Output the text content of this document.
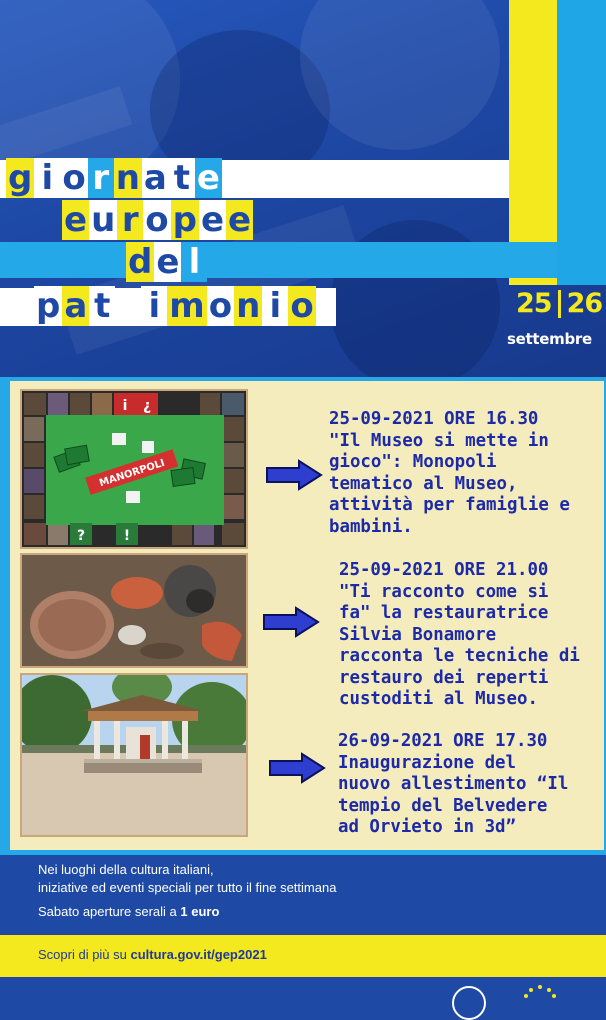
g i o r n a t e
e u r o p e e
d e l
p a t r i m o n i o	25 26
settembre
i ¿
?	!
MANORPOLI
25-09-2021 ORE 16.30
"Il Museo si mette in
gioco": Monopoli
tematico al Museo,
attività per famiglie e
bambini.
25-09-2021 ORE 21.00
"Ti racconto come si
fa" la restauratrice
Silvia Bonamore
racconta le tecniche di
restauro dei reperti
custoditi al Museo.
26-09-2021 ORE 17.30
Inaugurazione del
nuovo allestimento “Il
tempio del Belvedere
ad Orvieto in 3d”
Nei luoghi della cultura italiani,
iniziative ed eventi speciali per tutto il fine settimana
Sabato aperture serali a 1 euro
Scopri di più su cultura.gov.it/gep2021
